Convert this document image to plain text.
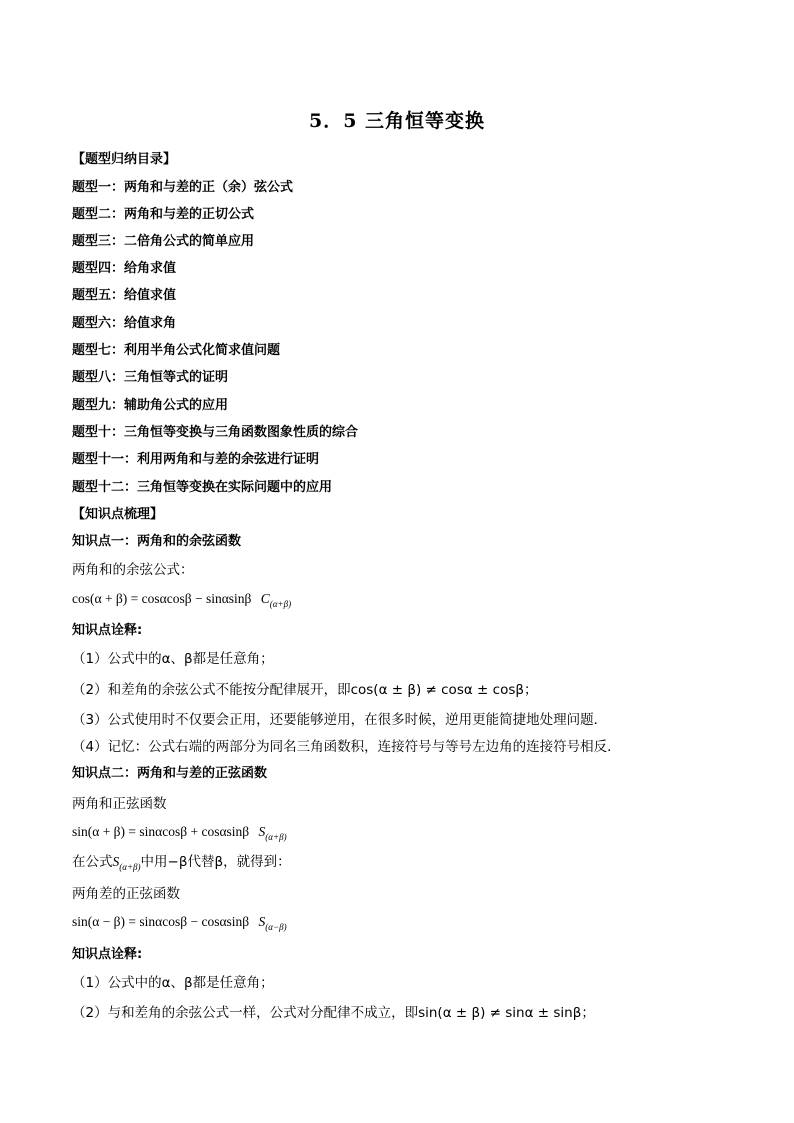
5．5 三角恒等变换
【题型归纳目录】
题型一：两角和与差的正（余）弦公式
题型二：两角和与差的正切公式
题型三：二倍角公式的简单应用
题型四：给角求值
题型五：给值求值
题型六：给值求角
题型七：利用半角公式化简求值问题
题型八：三角恒等式的证明
题型九：辅助角公式的应用
题型十：三角恒等变换与三角函数图象性质的综合
题型十一：利用两角和与差的余弦进行证明
题型十二：三角恒等变换在实际问题中的应用
【知识点梳理】
知识点一：两角和的余弦函数
两角和的余弦公式：
cos(α + β) = cosαcosβ − sinαsinβ $C_{(\alpha+\beta)}$
知识点诠释:
（1）公式中的α、β都是任意角；
（2）和差角的余弦公式不能按分配律展开，即cos(α ± β) ≠ cosα ± cosβ；
（3）公式使用时不仅要会正用，还要能够逆用，在很多时候，逆用更能简捷地处理问题．
（4）记忆：公式右端的两部分为同名三角函数积，连接符号与等号左边角的连接符号相反．
知识点二：两角和与差的正弦函数
两角和正弦函数
sin(α + β) = sinαcosβ + cosαsinβ $S_{(\alpha+\beta)}$
在公式$S_{(\alpha+\beta)}$中用−β代替β，就得到：
两角差的正弦函数
sin(α − β) = sinαcosβ − cosαsinβ $S_{(\alpha-\beta)}$
知识点诠释:
（1）公式中的α、β都是任意角；
（2）与和差角的余弦公式一样，公式对分配律不成立，即sin(α ± β) ≠ sinα ± sinβ；
